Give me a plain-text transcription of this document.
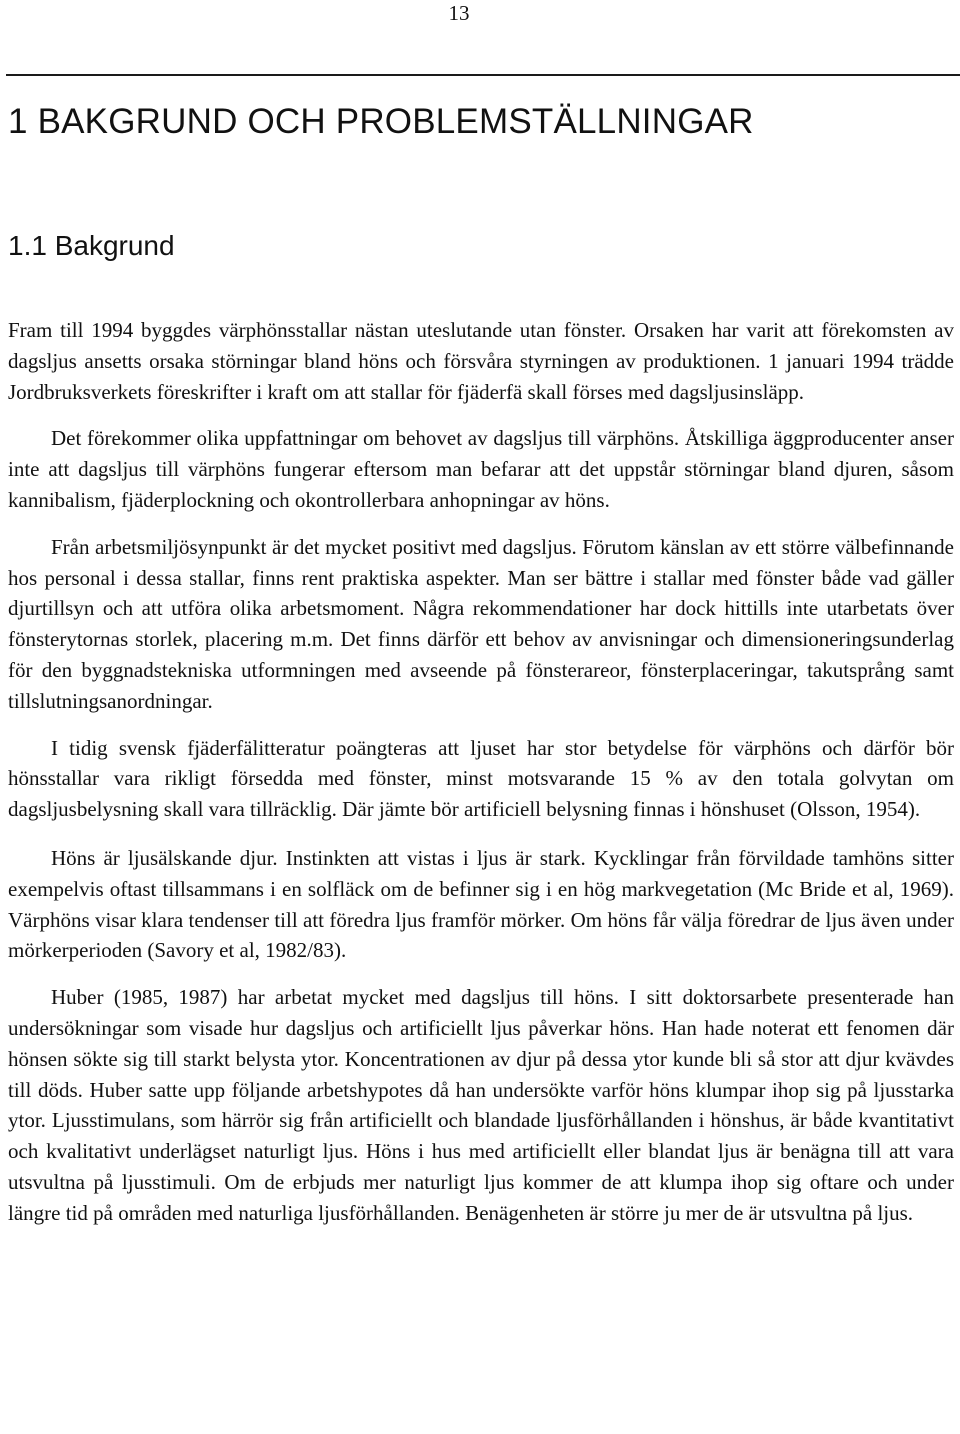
13
1 BAKGRUND OCH PROBLEMSTÄLLNINGAR
1.1 Bakgrund

Fram till 1994 byggdes värphönsstallar nästan uteslutande utan fönster. Orsaken har varit att förekomsten av dagsljus ansetts orsaka störningar bland höns och försvåra styrningen av produktionen. 1 januari 1994 trädde Jordbruksverkets föreskrifter i kraft om att stallar för fjäderfä skall förses med dagsljusinsläpp.

Det förekommer olika uppfattningar om behovet av dagsljus till värphöns. Åtskilliga äggproducenter anser inte att dagsljus till värphöns fungerar eftersom man befarar att det uppstår störningar bland djuren, såsom kannibalism, fjäderplockning och okontrollerbara anhopningar av höns.

Från arbetsmiljösynpunkt är det mycket positivt med dagsljus. Förutom känslan av ett större välbefinnande hos personal i dessa stallar, finns rent praktiska aspekter. Man ser bättre i stallar med fönster både vad gäller djurtillsyn och att utföra olika arbetsmoment. Några rekommendationer har dock hittills inte utarbetats över fönsterytornas storlek, placering m.m. Det finns därför ett behov av anvisningar och dimensioneringsunderlag för den byggnadstekniska utformningen med avseende på fönsterareor, fönsterplaceringar, takutsprång samt tillslutningsanordningar.

I tidig svensk fjäderfälitteratur poängteras att ljuset har stor betydelse för värphöns och därför bör hönsstallar vara rikligt försedda med fönster, minst motsvarande 15 % av den totala golvytan om dagsljusbelysning skall vara tillräcklig. Där jämte bör artificiell belysning finnas i hönshuset (Olsson, 1954).

Höns är ljusälskande djur. Instinkten att vistas i ljus är stark. Kycklingar från förvildade tamhöns sitter exempelvis oftast tillsammans i en solfläck om de befinner sig i en hög markvegetation (Mc Bride et al, 1969). Värphöns visar klara tendenser till att föredra ljus framför mörker. Om höns får välja föredrar de ljus även under mörkerperioden (Savory et al, 1982/83).

Huber (1985, 1987) har arbetat mycket med dagsljus till höns. I sitt doktorsarbete presenterade han undersökningar som visade hur dagsljus och artificiellt ljus påverkar höns. Han hade noterat ett fenomen där hönsen sökte sig till starkt belysta ytor. Koncentrationen av djur på dessa ytor kunde bli så stor att djur kvävdes till döds. Huber satte upp följande arbetshypotes då han undersökte varför höns klumpar ihop sig på ljusstarka ytor. Ljusstimulans, som härrör sig från artificiellt och blandade ljusförhållanden i hönshus, är både kvantitativt och kvalitativt underlägset naturligt ljus. Höns i hus med artificiellt eller blandat ljus är benägna till att vara utsvultna på ljusstimuli. Om de erbjuds mer naturligt ljus kommer de att klumpa ihop sig oftare och under längre tid på områden med naturliga ljusförhållanden. Benägenheten är större ju mer de är utsvultna på ljus.
